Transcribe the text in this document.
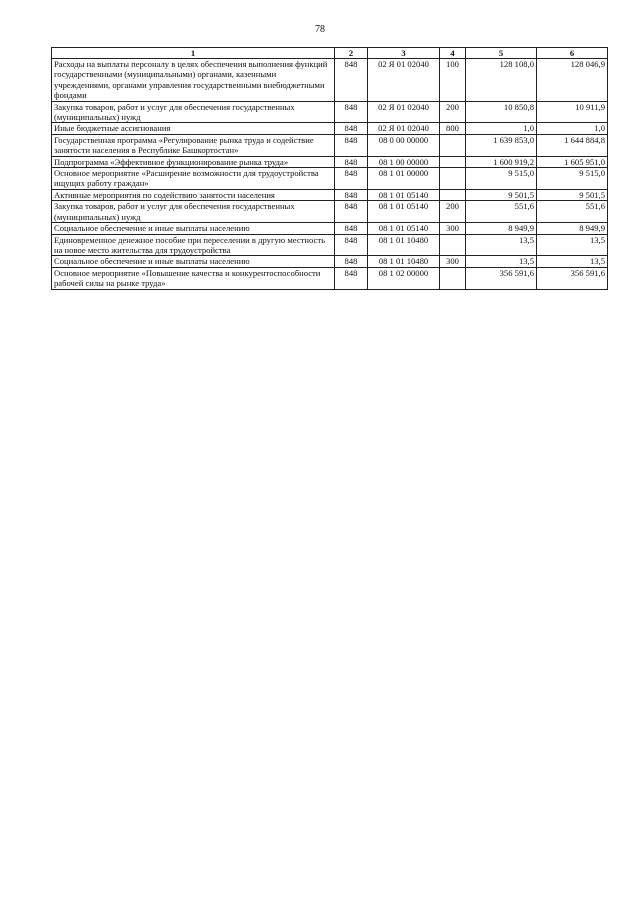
78
1	2	3	4	5	6
Расходы на выплаты персоналу в целях обеспечения выполнения функций государственными (муниципальными) органами, казенными учреждениями, органами управления государственными внебюджетными фондами	848	02 Я 01 02040	100	128 108,0	128 046,9
Закупка товаров, работ и услуг для обеспечения государственных (муниципальных) нужд	848	02 Я 01 02040	200	10 850,8	10 911,9
Иные бюджетные ассигнования	848	02 Я 01 02040	800	1,0	1,0
Государственная программа «Регулирование рынка труда и содействие занятости населения в Республике Башкортостан»	848	08 0 00 00000		1 639 853,0	1 644 884,8
Подпрограмма «Эффективное функционирование рынка труда»	848	08 1 00 00000		1 600 919,2	1 605 951,0
Основное мероприятие «Расширение возможности для трудоустройства ищущих работу граждан»	848	08 1 01 00000		9 515,0	9 515,0
Активные мероприятия по содействию занятости населения	848	08 1 01 05140		9 501,5	9 501,5
Закупка товаров, работ и услуг для обеспечения государственных (муниципальных) нужд	848	08 1 01 05140	200	551,6	551,6
Социальное обеспечение и иные выплаты населению	848	08 1 01 05140	300	8 949,9	8 949,9
Единовременное денежное пособие при переселении в другую местность на новое место жительства для трудоустройства	848	08 1 01 10480		13,5	13,5
Социальное обеспечение и иные выплаты населению	848	08 1 01 10480	300	13,5	13,5
Основное мероприятие «Повышение качества и конкурентоспособности рабочей силы на рынке труда»	848	08 1 02 00000		356 591,6	356 591,6
